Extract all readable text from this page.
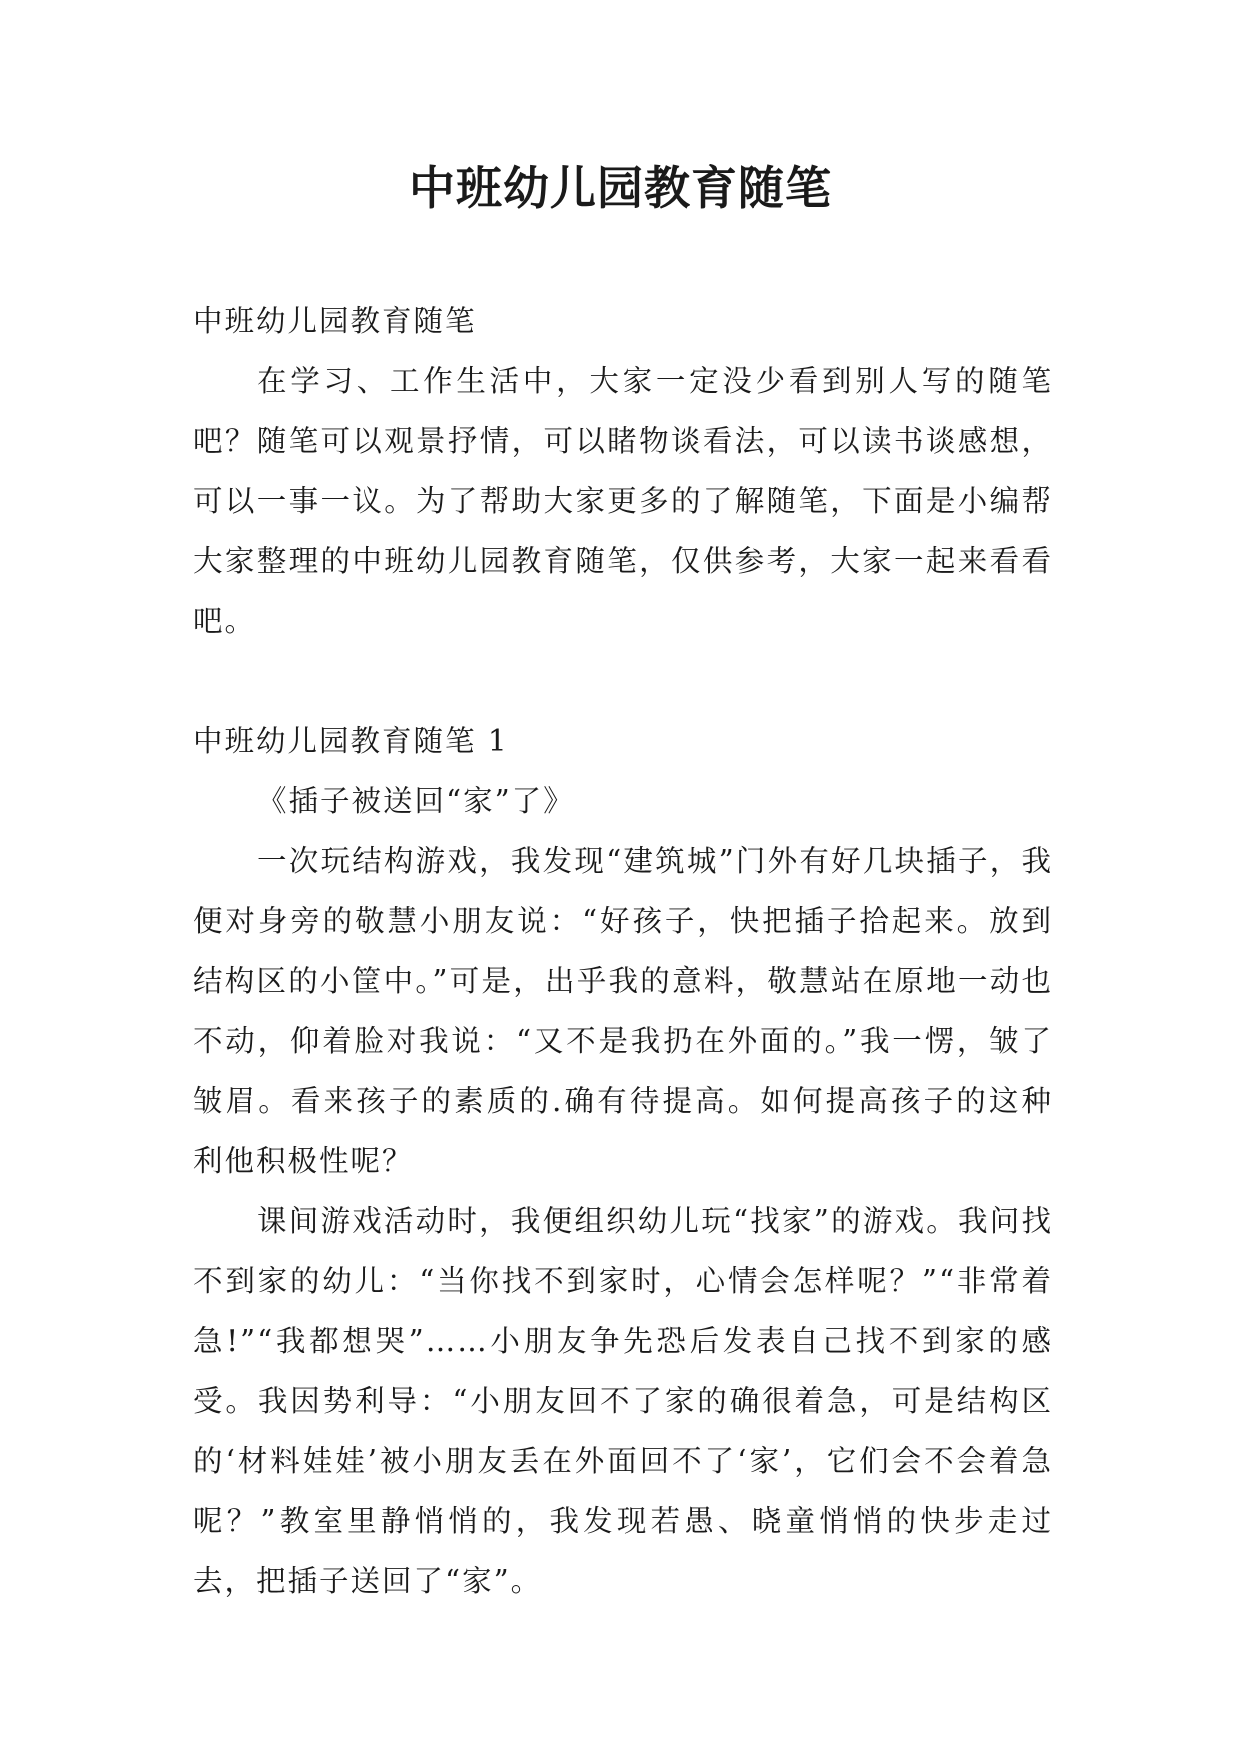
中班幼儿园教育随笔

中班幼儿园教育随笔

在学习、工作生活中，大家一定没少看到别人写的随笔吧？随笔可以观景抒情，可以睹物谈看法，可以读书谈感想，可以一事一议。为了帮助大家更多的了解随笔，下面是小编帮大家整理的中班幼儿园教育随笔，仅供参考，大家一起来看看吧。

中班幼儿园教育随笔 1

《插子被送回“家”了》

一次玩结构游戏，我发现“建筑城”门外有好几块插子，我便对身旁的敬慧小朋友说：“好孩子，快把插子拾起来。放到结构区的小筐中。”可是，出乎我的意料，敬慧站在原地一动也不动，仰着脸对我说：“又不是我扔在外面的。”我一愣，皱了皱眉。看来孩子的素质的.确有待提高。如何提高孩子的这种利他积极性呢？

课间游戏活动时，我便组织幼儿玩“找家”的游戏。我问找不到家的幼儿：“当你找不到家时，心情会怎样呢？”“非常着急!”“我都想哭”……小朋友争先恐后发表自己找不到家的感受。我因势利导：“小朋友回不了家的确很着急，可是结构区的‘材料娃娃’被小朋友丢在外面回不了‘家’，它们会不会着急呢？”教室里静悄悄的，我发现若愚、晓童悄悄的快步走过去，把插子送回了“家”。
